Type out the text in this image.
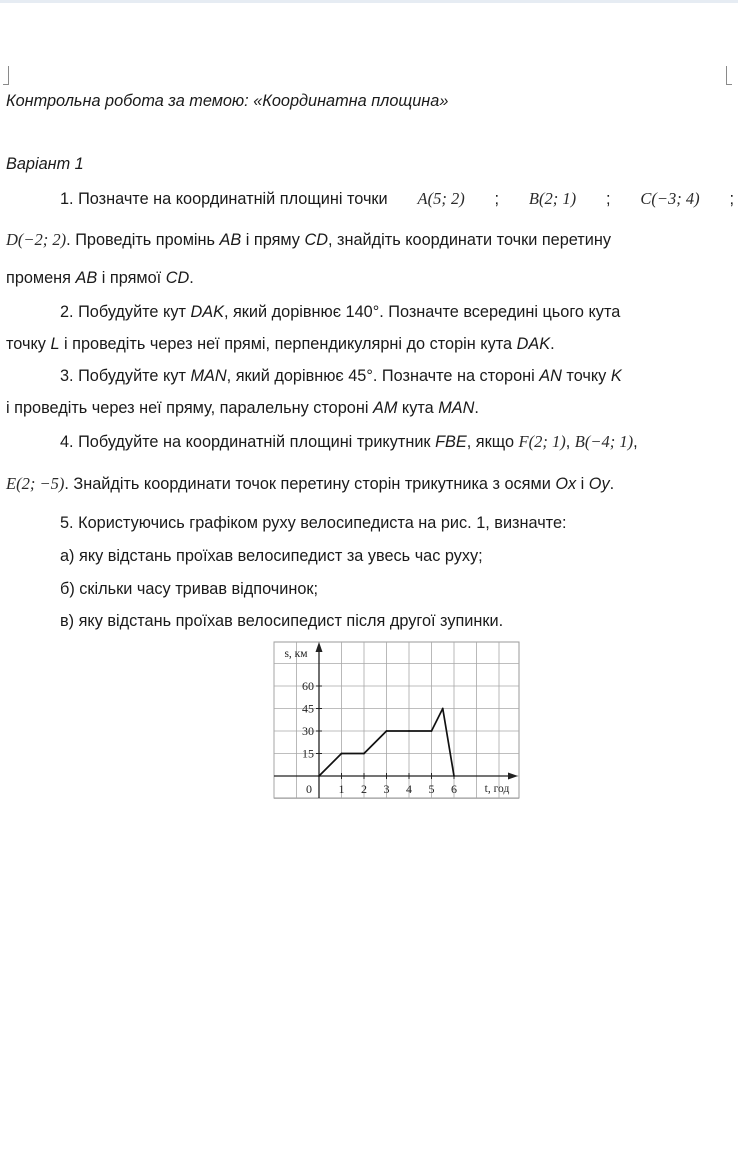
Контрольна робота за темою: «Координатна площина»
Варіант 1
1. Позначте на координатній площині точки A(5; 2) ; B(2; 1) ; C(−3; 4) ;
D(−2; 2). Проведіть промінь AB і пряму CD, знайдіть координати точки перетину
променя AB і прямої CD.
2. Побудуйте кут DAK, який дорівнює 140°. Позначте всередині цього кута
точку L і проведіть через неї прямі, перпендикулярні до сторін кута DAK.
3. Побудуйте кут MAN, який дорівнює 45°. Позначте на стороні AN точку K
і проведіть через неї пряму, паралельну стороні AM кута MAN.
4. Побудуйте на координатній площині трикутник FBE, якщо F(2; 1), B(−4; 1),
E(2; −5). Знайдіть координати точок перетину сторін трикутника з осями Ox і Oy.
5. Користуючись графіком руху велосипедиста на рис. 1, визначте:
а) яку відстань проїхав велосипедист за увесь час руху;
б) скільки часу тривав відпочинок;
в) яку відстань проїхав велосипедист після другої зупинки.
1 2 3 4 5 6
15
30
45
60
0
s, км
t, год
